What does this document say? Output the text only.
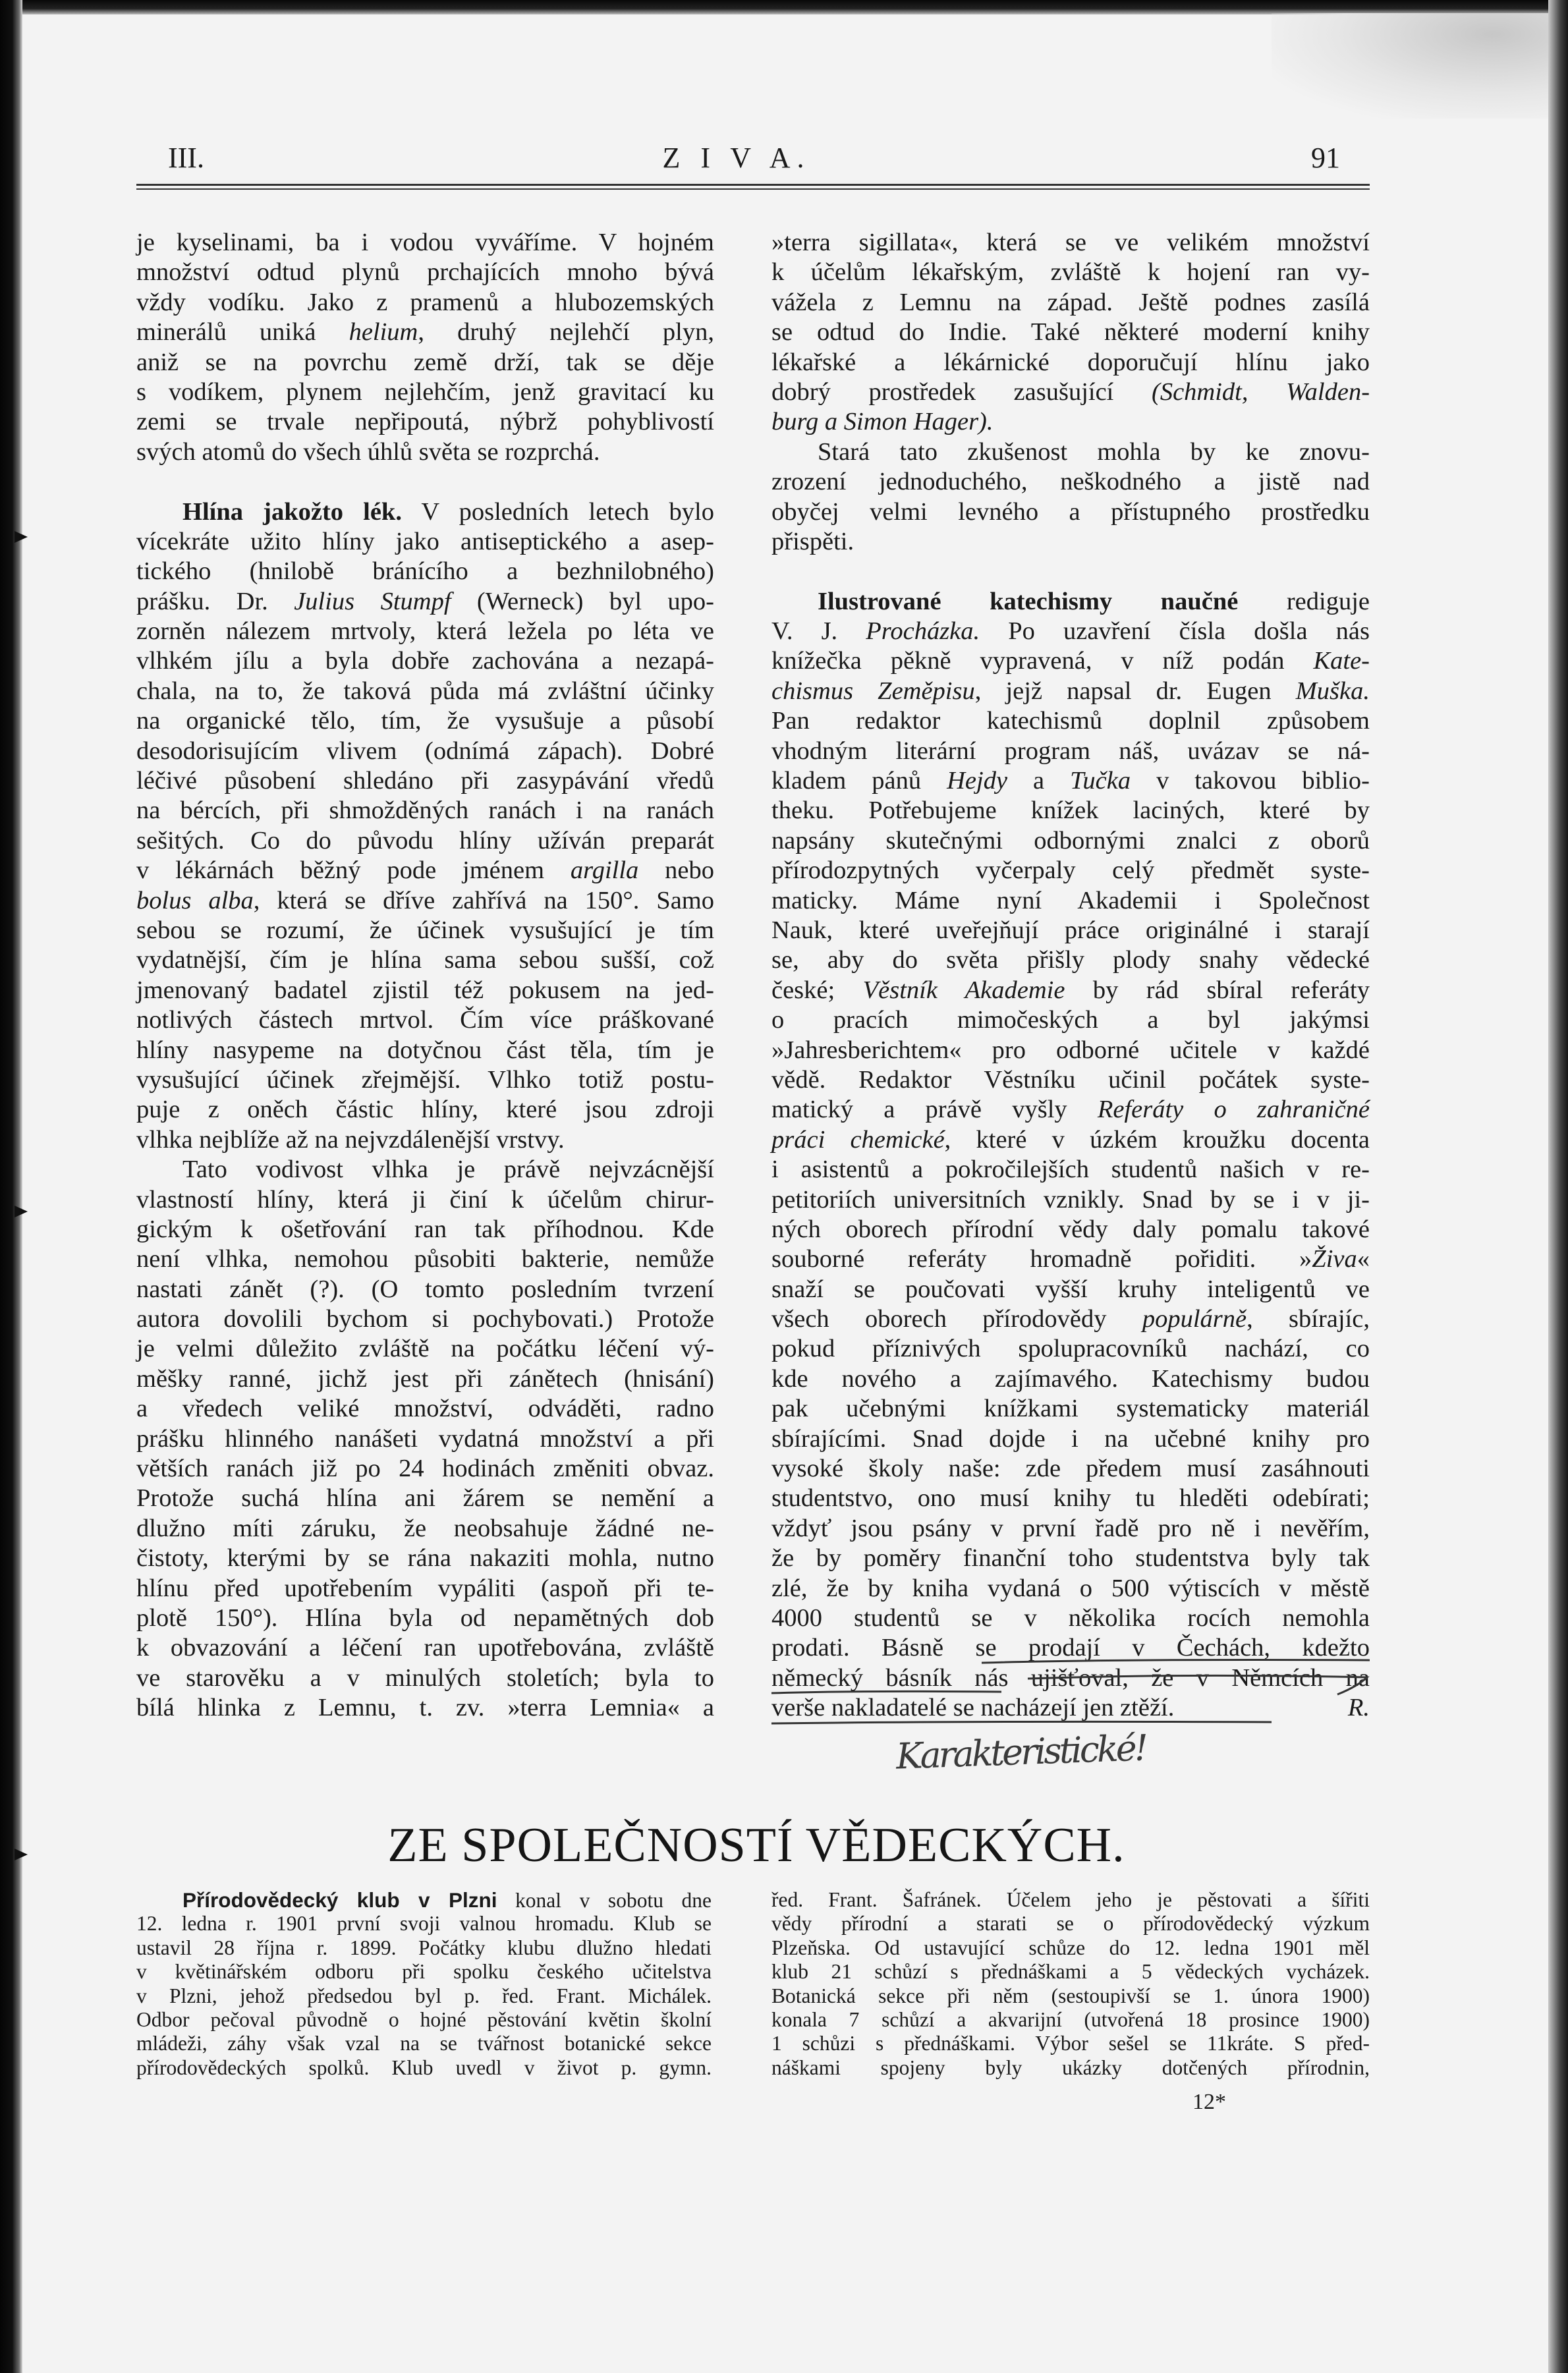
III.	Z I V A.	91
je kyselinami, ba i vodou vyváříme. V hojném
množství odtud plynů prchajících mnoho bývá
vždy vodíku. Jako z pramenů a hlubozemských
minerálů uniká helium, druhý nejlehčí plyn,
aniž se na povrchu země drží, tak se děje
s vodíkem, plynem nejlehčím, jenž gravitací ku
zemi se trvale nepřipoutá, nýbrž pohyblivostí
svých atomů do všech úhlů světa se rozprchá.
Hlína jakožto lék. V posledních letech bylo
vícekráte užito hlíny jako antiseptického a asep-
tického (hnilobě bránícího a bezhnilobného)
prášku. Dr. Julius Stumpf (Werneck) byl upo-
zorněn nálezem mrtvoly, která ležela po léta ve
vlhkém jílu a byla dobře zachována a nezapá-
chala, na to, že taková půda má zvláštní účinky
na organické tělo, tím, že vysušuje a působí
desodorisujícím vlivem (odnímá zápach). Dobré
léčivé působení shledáno při zasypávání vředů
na bércích, při shmožděných ranách i na ranách
sešitých. Co do původu hlíny užíván preparát
v lékárnách běžný pode jménem argilla nebo
bolus alba, která se dříve zahřívá na 150°. Samo
sebou se rozumí, že účinek vysušující je tím
vydatnější, čím je hlína sama sebou sušší, což
jmenovaný badatel zjistil též pokusem na jed-
notlivých částech mrtvol. Čím více práškované
hlíny nasypeme na dotyčnou část těla, tím je
vysušující účinek zřejmější. Vlhko totiž postu-
puje z oněch částic hlíny, které jsou zdroji
vlhka nejblíže až na nejvzdálenější vrstvy.
Tato vodivost vlhka je právě nejvzácnější
vlastností hlíny, která ji činí k účelům chirur-
gickým k ošetřování ran tak příhodnou. Kde
není vlhka, nemohou působiti bakterie, nemůže
nastati zánět (?). (O tomto posledním tvrzení
autora dovolili bychom si pochybovati.) Protože
je velmi důležito zvláště na počátku léčení vý-
měšky ranné, jichž jest při zánětech (hnisání)
a vředech veliké množství, odváděti, radno
prášku hlinného nanášeti vydatná množství a při
větších ranách již po 24 hodinách změniti obvaz.
Protože suchá hlína ani žárem se nemění a
dlužno míti záruku, že neobsahuje žádné ne-
čistoty, kterými by se rána nakaziti mohla, nutno
hlínu před upotřebením vypáliti (aspoň při te-
plotě 150°). Hlína byla od nepamětných dob
k obvazování a léčení ran upotřebována, zvláště
ve starověku a v minulých stoletích; byla to
bílá hlinka z Lemnu, t. zv. »terra Lemnia« a
»terra sigillata«, která se ve velikém množství
k účelům lékařským, zvláště k hojení ran vy-
vážela z Lemnu na západ. Ještě podnes zasílá
se odtud do Indie. Také některé moderní knihy
lékařské a lékárnické doporučují hlínu jako
dobrý prostředek zasušující (Schmidt, Walden-
burg a Simon Hager).
Stará tato zkušenost mohla by ke znovu-
zrození jednoduchého, neškodného a jistě nad
obyčej velmi levného a přístupného prostředku
přispěti.
Ilustrované katechismy naučné rediguje
V. J. Procházka. Po uzavření čísla došla nás
knížečka pěkně vypravená, v níž podán Kate-
chismus Zeměpisu, jejž napsal dr. Eugen Muška.
Pan redaktor katechismů doplnil způsobem
vhodným literární program náš, uvázav se ná-
kladem pánů Hejdy a Tučka v takovou biblio-
theku. Potřebujeme knížek laciných, které by
napsány skutečnými odbornými znalci z oborů
přírodozpytných vyčerpaly celý předmět syste-
maticky. Máme nyní Akademii i Společnost
Nauk, které uveřejňují práce originálné i starají
se, aby do světa přišly plody snahy vědecké
české; Věstník Akademie by rád sbíral referáty
o pracích mimočeských a byl jakýmsi
»Jahresberichtem« pro odborné učitele v každé
vědě. Redaktor Věstníku učinil počátek syste-
matický a právě vyšly Referáty o zahraničné
práci chemické, které v úzkém kroužku docenta
i asistentů a pokročilejších studentů našich v re-
petitoriích universitních vznikly. Snad by se i v ji-
ných oborech přírodní vědy daly pomalu takové
souborné referáty hromadně pořiditi. »Živa«
snaží se poučovati vyšší kruhy inteligentů ve
všech oborech přírodovědy populárně, sbírajíc,
pokud příznivých spolupracovníků nachází, co
kde nového a zajímavého. Katechismy budou
pak učebnými knížkami systematicky materiál
sbírajícími. Snad dojde i na učebné knihy pro
vysoké školy naše: zde předem musí zasáhnouti
studentstvo, ono musí knihy tu hleděti odebírati;
vždyť jsou psány v první řadě pro ně i nevěřím,
že by poměry finanční toho studentstva byly tak
zlé, že by kniha vydaná o 500 výtiscích v městě
4000 studentů se v několika rocích nemohla
prodati. Básně se prodají v Čechách, kdežto
německý básník nás ujišťoval, že v Němcích na
verše nakladatelé se nacházejí jen ztěží.	R.
Karakteristické!
ZE SPOLEČNOSTÍ VĚDECKÝCH.
Přírodovědecký klub v Plzni konal v sobotu dne
12. ledna r. 1901 první svoji valnou hromadu. Klub se
ustavil 28 října r. 1899. Počátky klubu dlužno hledati
v květinářském odboru při spolku českého učitelstva
v Plzni, jehož předsedou byl p. řed. Frant. Michálek.
Odbor pečoval původně o hojné pěstování květin školní
mládeži, záhy však vzal na se tvářnost botanické sekce
přírodovědeckých spolků. Klub uvedl v život p. gymn.
řed. Frant. Šafránek. Účelem jeho je pěstovati a šířiti
vědy přírodní a starati se o přírodovědecký výzkum
Plzeňska. Od ustavující schůze do 12. ledna 1901 měl
klub 21 schůzí s přednáškami a 5 vědeckých vycházek.
Botanická sekce při něm (sestoupivší se 1. února 1900)
konala 7 schůzí a akvarijní (utvořená 18 prosince 1900)
1 schůzi s přednáškami. Výbor sešel se 11kráte. S před-
náškami spojeny byly ukázky dotčených přírodnin,
12*
